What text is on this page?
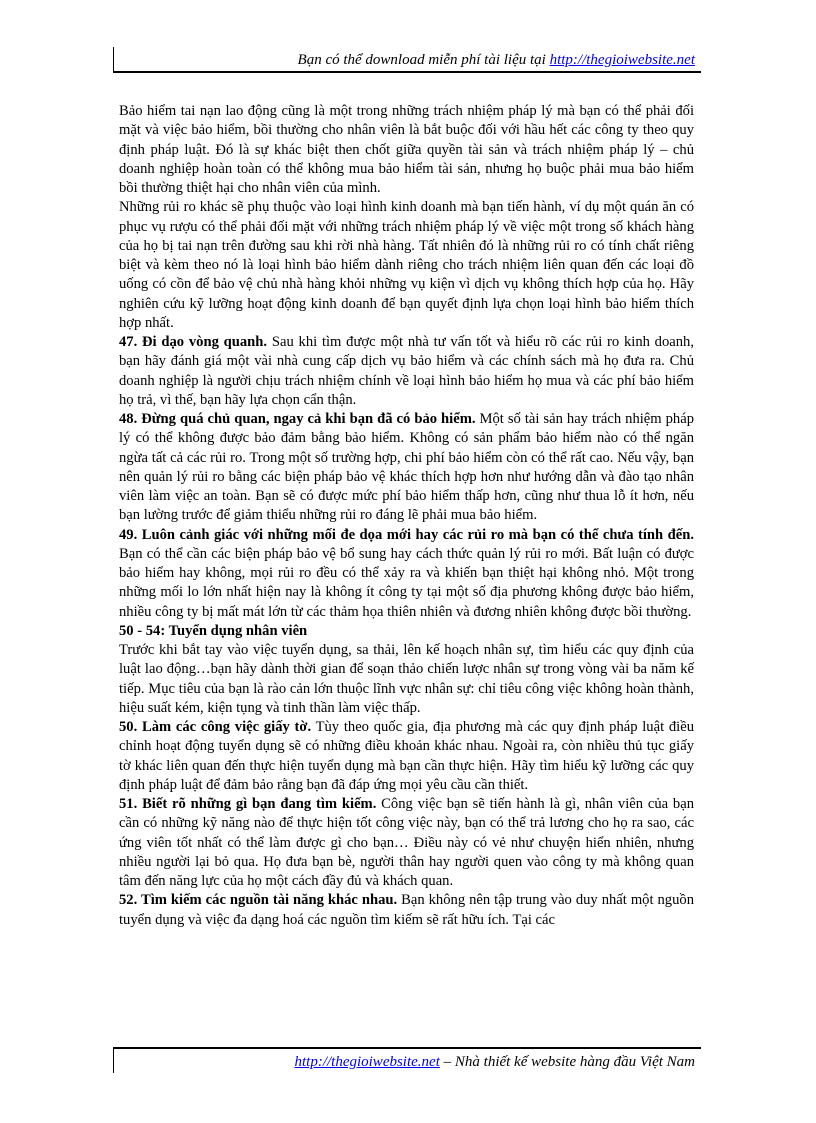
Bạn có thể download miễn phí tài liệu tại http://thegioiwebsite.net

Bảo hiểm tai nạn lao động cũng là một trong những trách nhiệm pháp lý mà bạn có thể phải đối mặt và việc bảo hiểm, bồi thường cho nhân viên là bắt buộc đối với hầu hết các công ty theo quy định pháp luật. Đó là sự khác biệt then chốt giữa quyền tài sản và trách nhiệm pháp lý – chủ doanh nghiệp hoàn toàn có thể không mua bảo hiểm tài sản, nhưng họ buộc phải mua bảo hiểm bồi thường thiệt hại cho nhân viên của mình.

Những rủi ro khác sẽ phụ thuộc vào loại hình kinh doanh mà bạn tiến hành, ví dụ một quán ăn có phục vụ rượu có thể phải đối mặt với những trách nhiệm pháp lý về việc một trong số khách hàng của họ bị tai nạn trên đường sau khi rời nhà hàng. Tất nhiên đó là những rủi ro có tính chất riêng biệt và kèm theo nó là loại hình bảo hiểm dành riêng cho trách nhiệm liên quan đến các loại đồ uống có cồn để bảo vệ chủ nhà hàng khỏi những vụ kiện vì dịch vụ không thích hợp của họ. Hãy nghiên cứu kỹ lưỡng hoạt động kinh doanh để bạn quyết định lựa chọn loại hình bảo hiểm thích hợp nhất.

47. Đi dạo vòng quanh. Sau khi tìm được một nhà tư vấn tốt và hiểu rõ các rủi ro kinh doanh, bạn hãy đánh giá một vài nhà cung cấp dịch vụ bảo hiểm và các chính sách mà họ đưa ra. Chủ doanh nghiệp là người chịu trách nhiệm chính về loại hình bảo hiểm họ mua và các phí bảo hiểm họ trả, vì thế, bạn hãy lựa chọn cẩn thận.

48. Đừng quá chủ quan, ngay cả khi bạn đã có bảo hiểm. Một số tài sản hay trách nhiệm pháp lý có thể không được bảo đảm bằng bảo hiểm. Không có sản phẩm bảo hiểm nào có thể ngăn ngừa tất cả các rủi ro. Trong một số trường hợp, chi phí bảo hiểm còn có thể rất cao. Nếu vậy, bạn nên quản lý rủi ro bằng các biện pháp bảo vệ khác thích hợp hơn như hướng dẫn và đào tạo nhân viên làm việc an toàn. Bạn sẽ có được mức phí bảo hiểm thấp hơn, cũng như thua lỗ ít hơn, nếu bạn lường trước để giảm thiểu những rủi ro đáng lẽ phải mua bảo hiểm.

49. Luôn cảnh giác với những mối đe dọa mới hay các rủi ro mà bạn có thể chưa tính đến. Bạn có thể cần các biện pháp bảo vệ bổ sung hay cách thức quản lý rủi ro mới. Bất luận có được bảo hiểm hay không, mọi rủi ro đều có thể xảy ra và khiến bạn thiệt hại không nhỏ. Một trong những mối lo lớn nhất hiện nay là không ít công ty tại một số địa phương không được bảo hiểm, nhiều công ty bị mất mát lớn từ các thảm họa thiên nhiên và đương nhiên không được bồi thường.

50 - 54: Tuyển dụng nhân viên

Trước khi bắt tay vào việc tuyển dụng, sa thải, lên kế hoạch nhân sự, tìm hiểu các quy định của luật lao động…bạn hãy dành thời gian để soạn thảo chiến lược nhân sự trong vòng vài ba năm kế tiếp. Mục tiêu của bạn là rào cản lớn thuộc lĩnh vực nhân sự: chỉ tiêu công việc không hoàn thành, hiệu suất kém, kiện tụng và tinh thần làm việc thấp.

50. Làm các công việc giấy tờ. Tùy theo quốc gia, địa phương mà các quy định pháp luật điều chỉnh hoạt động tuyển dụng sẽ có những điều khoản khác nhau. Ngoài ra, còn nhiều thủ tục giấy tờ khác liên quan đến thực hiện tuyển dụng mà bạn cần thực hiện. Hãy tìm hiểu kỹ lưỡng các quy định pháp luật để đảm bảo rằng bạn đã đáp ứng mọi yêu cầu cần thiết.

51. Biết rõ những gì bạn đang tìm kiếm. Công việc bạn sẽ tiến hành là gì, nhân viên của bạn cần có những kỹ năng nào để thực hiện tốt công việc này, bạn có thể trả lương cho họ ra sao, các ứng viên tốt nhất có thể làm được gì cho bạn… Điều này có vẻ như chuyện hiển nhiên, nhưng nhiều người lại bỏ qua. Họ đưa bạn bè, người thân hay người quen vào công ty mà không quan tâm đến năng lực của họ một cách đầy đủ và khách quan.

52. Tìm kiếm các nguồn tài năng khác nhau. Bạn không nên tập trung vào duy nhất một nguồn tuyển dụng và việc đa dạng hoá các nguồn tìm kiếm sẽ rất hữu ích. Tại các

http://thegioiwebsite.net – Nhà thiết kế website hàng đầu Việt Nam
